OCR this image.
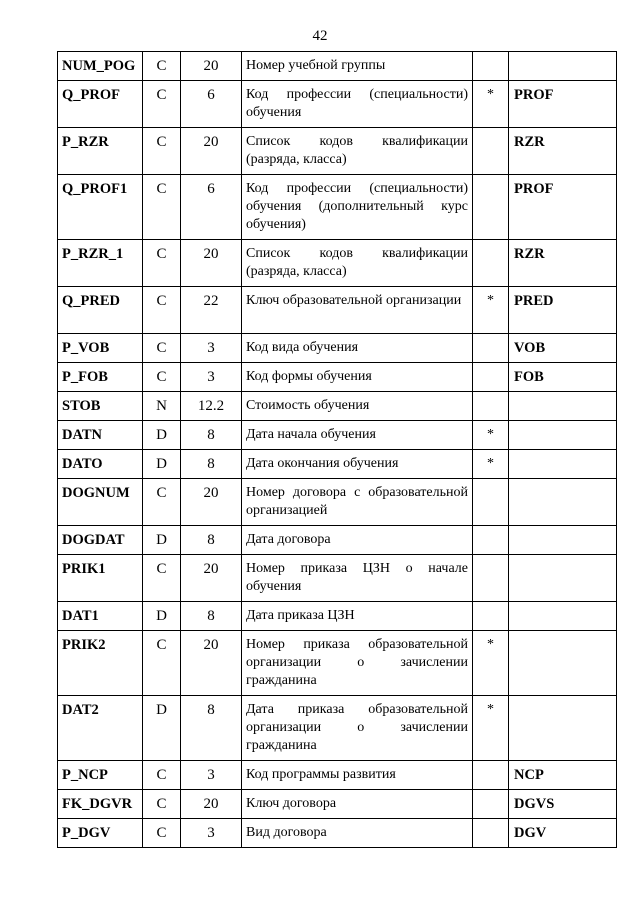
42
NUM_POG	C	20	Номер учебной группы		
Q_PROF	C	6	Код профессии (специальности) обучения	*	PROF
P_RZR	C	20	Список кодов квалификации (разряда, класса)		RZR
Q_PROF1	C	6	Код профессии (специальности) обучения (дополнительный курс обучения)		PROF
P_RZR_1	C	20	Список кодов квалификации (разряда, класса)		RZR
Q_PRED	C	22	Ключ образовательной организации	*	PRED
P_VOB	C	3	Код вида обучения		VOB
P_FOB	C	3	Код формы обучения		FOB
STOB	N	12.2	Стоимость обучения		
DATN	D	8	Дата начала обучения	*	
DATO	D	8	Дата окончания обучения	*	
DOGNUM	C	20	Номер договора с образовательной организацией		
DOGDAT	D	8	Дата договора		
PRIK1	C	20	Номер приказа ЦЗН о начале обучения		
DAT1	D	8	Дата приказа ЦЗН		
PRIK2	C	20	Номер приказа образовательной организации о зачислении гражданина	*	
DAT2	D	8	Дата приказа образовательной организации о зачислении гражданина	*	
P_NCP	C	3	Код программы развития		NCP
FK_DGVR	C	20	Ключ договора		DGVS
P_DGV	C	3	Вид договора		DGV
